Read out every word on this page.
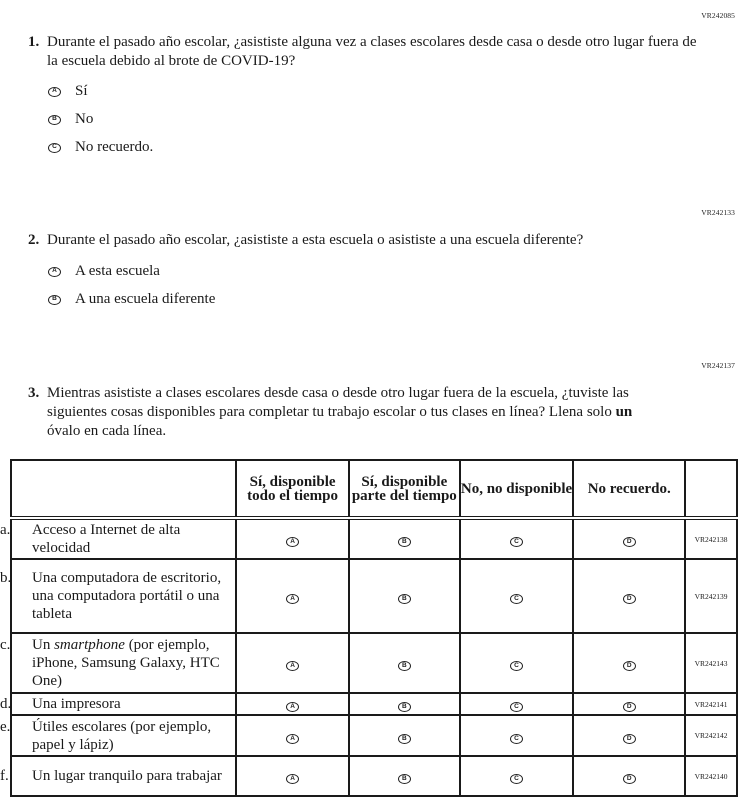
VR242085
1. Durante el pasado año escolar, ¿asististe alguna vez a clases escolares desde casa o desde otro lugar fuera de la escuela debido al brote de COVID-19?
A Sí
B No
C No recuerdo.
VR242133
2. Durante el pasado año escolar, ¿asististe a esta escuela o asististe a una escuela diferente?
A A esta escuela
B A una escuela diferente
VR242137
3. Mientras asististe a clases escolares desde casa o desde otro lugar fuera de la escuela, ¿tuviste las siguientes cosas disponibles para completar tu trabajo escolar o tus clases en línea? Llena solo un óvalo en cada línea.
	Sí, disponible todo el tiempo	Sí, disponible parte del tiempo	No, no disponible	No recuerdo.	
a. Acceso a Internet de alta velocidad	A	B	C	D	VR242138
b. Una computadora de escritorio, una computadora portátil o una tableta	A	B	C	D	VR242139
c. Un smartphone (por ejemplo, iPhone, Samsung Galaxy, HTC One)	A	B	C	D	VR242143
d. Una impresora	A	B	C	D	VR242141
e. Útiles escolares (por ejemplo, papel y lápiz)	A	B	C	D	VR242142
f. Un lugar tranquilo para trabajar	A	B	C	D	VR242140
